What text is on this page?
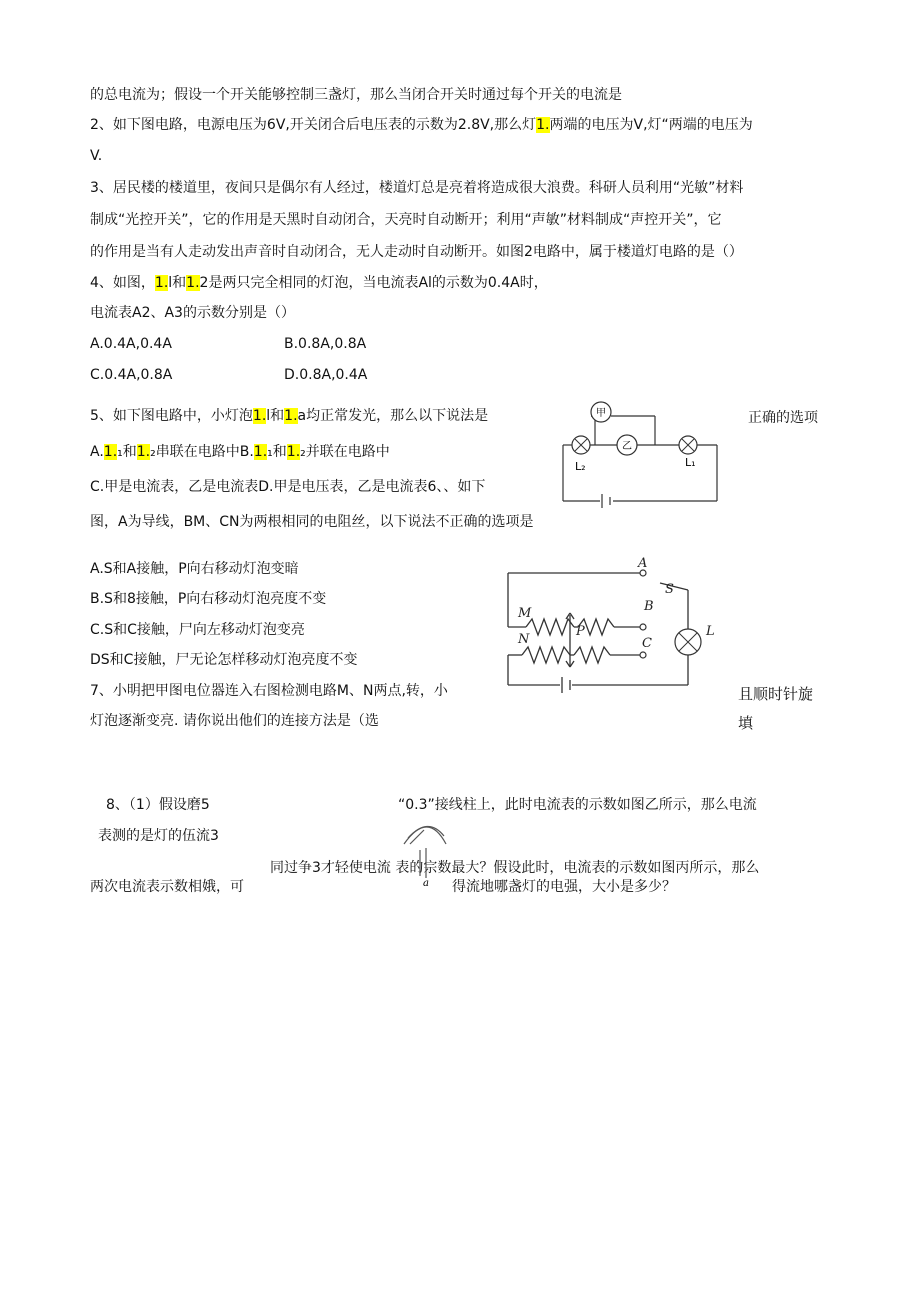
的总电流为；假设一个开关能够控制三盏灯，那么当闭合开关时通过每个开关的电流是
2、如下图电路，电源电压为6V,开关闭合后电压表的示数为2.8V,那么灯1.两端的电压为V,灯“两端的电压为
V.
3、居民楼的楼道里，夜间只是偶尔有人经过，楼道灯总是亮着将造成很大浪费。科研人员利用“光敏”材料
制成“光控开关”，它的作用是天黑时自动闭合，天亮时自动断开；利用“声敏”材料制成“声控开关”，它
的作用是当有人走动发出声音时自动闭合，无人走动时自动断开。如图2电路中，属于楼道灯电路的是（）
4、如图，1.l和1.2是两只完全相同的灯泡，当电流表Al的示数为0.4A时，
电流表A2、A3的示数分别是（）
A.0.4A,0.4A	B.0.8A,0.8A
C.0.4A,0.8A	D.0.8A,0.4A
5、如下图电路中，小灯泡1.l和1.a均正常发光，那么以下说法是	正确的选项
A.1.₁和1.₂串联在电路中B.1.₁和1.₂并联在电路中
C.甲是电流表，乙是电流表D.甲是电压表，乙是电流表6、、如下
图，A为导线，BM、CN为两根相同的电阻丝，以下说法不正确的选项是
A.S和A接触，P向右移动灯泡变暗
B.S和8接触，P向右移动灯泡亮度不变
C.S和C接触，尸向左移动灯泡变亮
DS和C接触，尸无论怎样移动灯泡亮度不变
7、小明把甲图电位器连入右图检测电路M、N两点,转，小	且顺时针旋
灯泡逐渐变亮. 请你说出他们的连接方法是（选	填
8、（1）假设磨5	“0.3”接线柱上，此时电流表的示数如图乙所示，那么电流
表测的是灯的伍流3
同过争3才轻使电流 表的宗数最大？假设此时，电流表的示数如图丙所示，那么
两次电流表示数相娥，可	得流地哪盏灯的电强，大小是多少？
甲
乙
L₂	L₁
A
B
C
S
M
N
P	L
a
